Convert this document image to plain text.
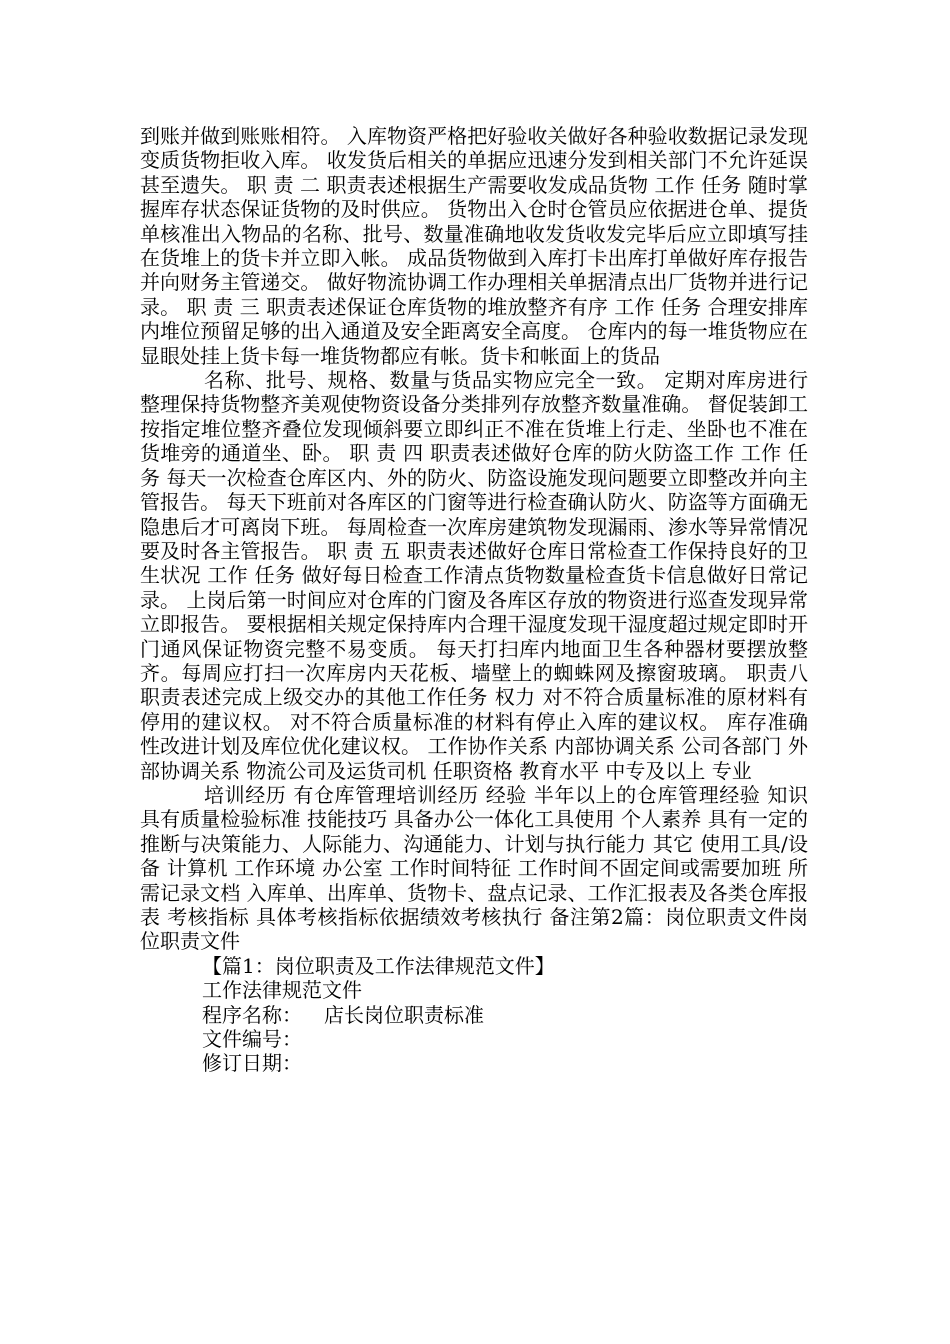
到账并做到账账相符。 入库物资严格把好验收关做好各种验收数据记录发现变质货物拒收入库。 收发货后相关的单据应迅速分发到相关部门不允许延误甚至遗失。 职 责 二 职责表述根据生产需要收发成品货物 工作 任务 随时掌握库存状态保证货物的及时供应。 货物出入仓时仓管员应依据进仓单、提货单核准出入物品的名称、批号、数量准确地收发货收发完毕后应立即填写挂在货堆上的货卡并立即入帐。 成品货物做到入库打卡出库打单做好库存报告并向财务主管递交。 做好物流协调工作办理相关单据清点出厂货物并进行记录。 职 责 三 职责表述保证仓库货物的堆放整齐有序 工作 任务 合理安排库内堆位预留足够的出入通道及安全距离安全高度。 仓库内的每一堆货物应在显眼处挂上货卡每一堆货物都应有帐。货卡和帐面上的货品

名称、批号、规格、数量与货品实物应完全一致。 定期对库房进行整理保持货物整齐美观使物资设备分类排列存放整齐数量准确。 督促装卸工按指定堆位整齐叠位发现倾斜要立即纠正不准在货堆上行走、坐卧也不准在货堆旁的通道坐、卧。 职 责 四 职责表述做好仓库的防火防盗工作 工作 任务 每天一次检查仓库区内、外的防火、防盗设施发现问题要立即整改并向主管报告。 每天下班前对各库区的门窗等进行检查确认防火、防盗等方面确无隐患后才可离岗下班。 每周检查一次库房建筑物发现漏雨、渗水等异常情况要及时各主管报告。 职 责 五 职责表述做好仓库日常检查工作保持良好的卫生状况 工作 任务 做好每日检查工作清点货物数量检查货卡信息做好日常记录。 上岗后第一时间应对仓库的门窗及各库区存放的物资进行巡查发现异常立即报告。 要根据相关规定保持库内合理干湿度发现干湿度超过规定即时开门通风保证物资完整不易变质。 每天打扫库内地面卫生各种器材要摆放整齐。每周应打扫一次库房内天花板、墙壁上的蜘蛛网及擦窗玻璃。 职责八 职责表述完成上级交办的其他工作任务 权力 对不符合质量标准的原材料有停用的建议权。 对不符合质量标准的材料有停止入库的建议权。 库存准确性改进计划及库位优化建议权。 工作协作关系 内部协调关系 公司各部门 外部协调关系 物流公司及运货司机 任职资格 教育水平 中专及以上 专业

培训经历 有仓库管理培训经历 经验 半年以上的仓库管理经验 知识 具有质量检验标准 技能技巧 具备办公一体化工具使用 个人素养 具有一定的推断与决策能力、人际能力、沟通能力、计划与执行能力 其它 使用工具/设备 计算机 工作环境 办公室 工作时间特征 工作时间不固定间或需要加班 所需记录文档 入库单、出库单、货物卡、盘点记录、工作汇报表及各类仓库报表 考核指标 具体考核指标依据绩效考核执行 备注第2篇：岗位职责文件岗位职责文件

【篇1：岗位职责及工作法律规范文件】

工作法律规范文件

程序名称： 店长岗位职责标准

文件编号：

修订日期：
